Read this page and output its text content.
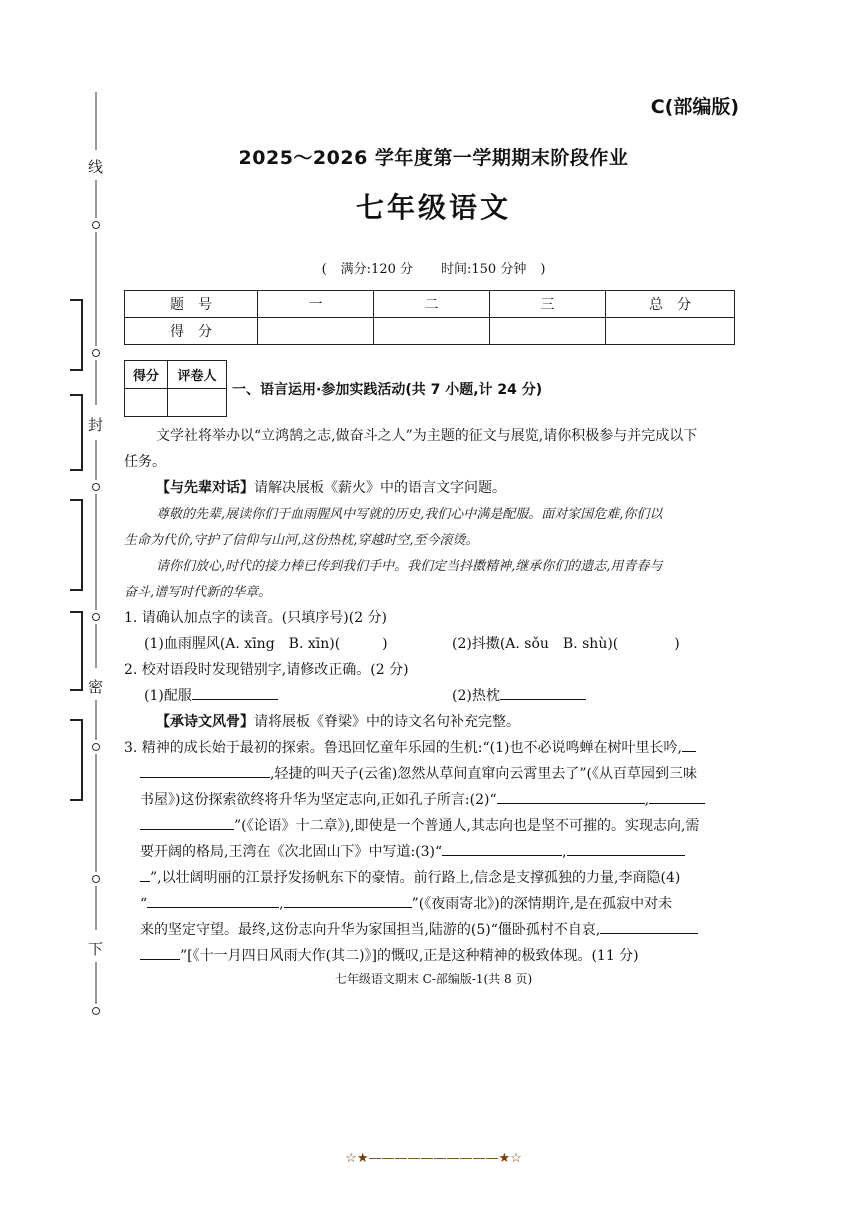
线
封
密
下
C(部编版)
2025～2026 学年度第一学期期末阶段作业
七年级语文
( 满分:120 分 时间:150 分钟 )
题　号	一	二	三	总　分
得　分				
得分	评卷人

一、语言运用·参加实践活动(共 7 小题,计 24 分)
文学社将举办以“立鸿鹄之志,做奋斗之人”为主题的征文与展览,请你积极参与并完成以下
任务。
【与先辈对话】请解决展板《薪火》中的语言文字问题。
尊敬的先辈,展读你们于血雨腥风中写就的历史,我们心中满是配服。面对家国危难,你们以
生命为代价,守护了信仰与山河,这份热枕,穿越时空,至今滚烫。
请你们放心,时代的接力棒已传到我们手中。我们定当抖擞精神,继承你们的遗志,用青春与
奋斗,谱写时代新的华章。
1. 请确认加点字的读音。(只填序号)(2 分)
(1)血雨腥风(A. xīng　B. xīn)(　　　)	(2)抖擞(A. sǒu　B. shù)(　　　　)
2. 校对语段时发现错别字,请修改正确。(2 分)
(1)配服	(2)热枕
【承诗文风骨】请将展板《脊梁》中的诗文名句补充完整。
3. 精神的成长始于最初的探索。鲁迅回忆童年乐园的生机:“(1)也不必说鸣蝉在树叶里长吟,
,轻捷的叫天子(云雀)忽然从草间直窜向云霄里去了”(《从百草园到三味
书屋》)这份探索欲终将升华为坚定志向,正如孔子所言:(2)“	,
”(《论语》十二章》),即使是一个普通人,其志向也是坚不可摧的。实现志向,需
要开阔的格局,王湾在《次北固山下》中写道:(3)“	,
”,以壮阔明丽的江景抒发扬帆东下的豪情。前行路上,信念是支撑孤独的力量,李商隐(4)
“	,	”(《夜雨寄北》)的深情期许,是在孤寂中对未
来的坚定守望。最终,这份志向升华为家国担当,陆游的(5)“僵卧孤村不自哀,
”[《十一月四日风雨大作(其二)》]的慨叹,正是这种精神的极致体现。(11 分)
七年级语文期末 C-部编版-1(共 8 页)
☆★——————————★☆
